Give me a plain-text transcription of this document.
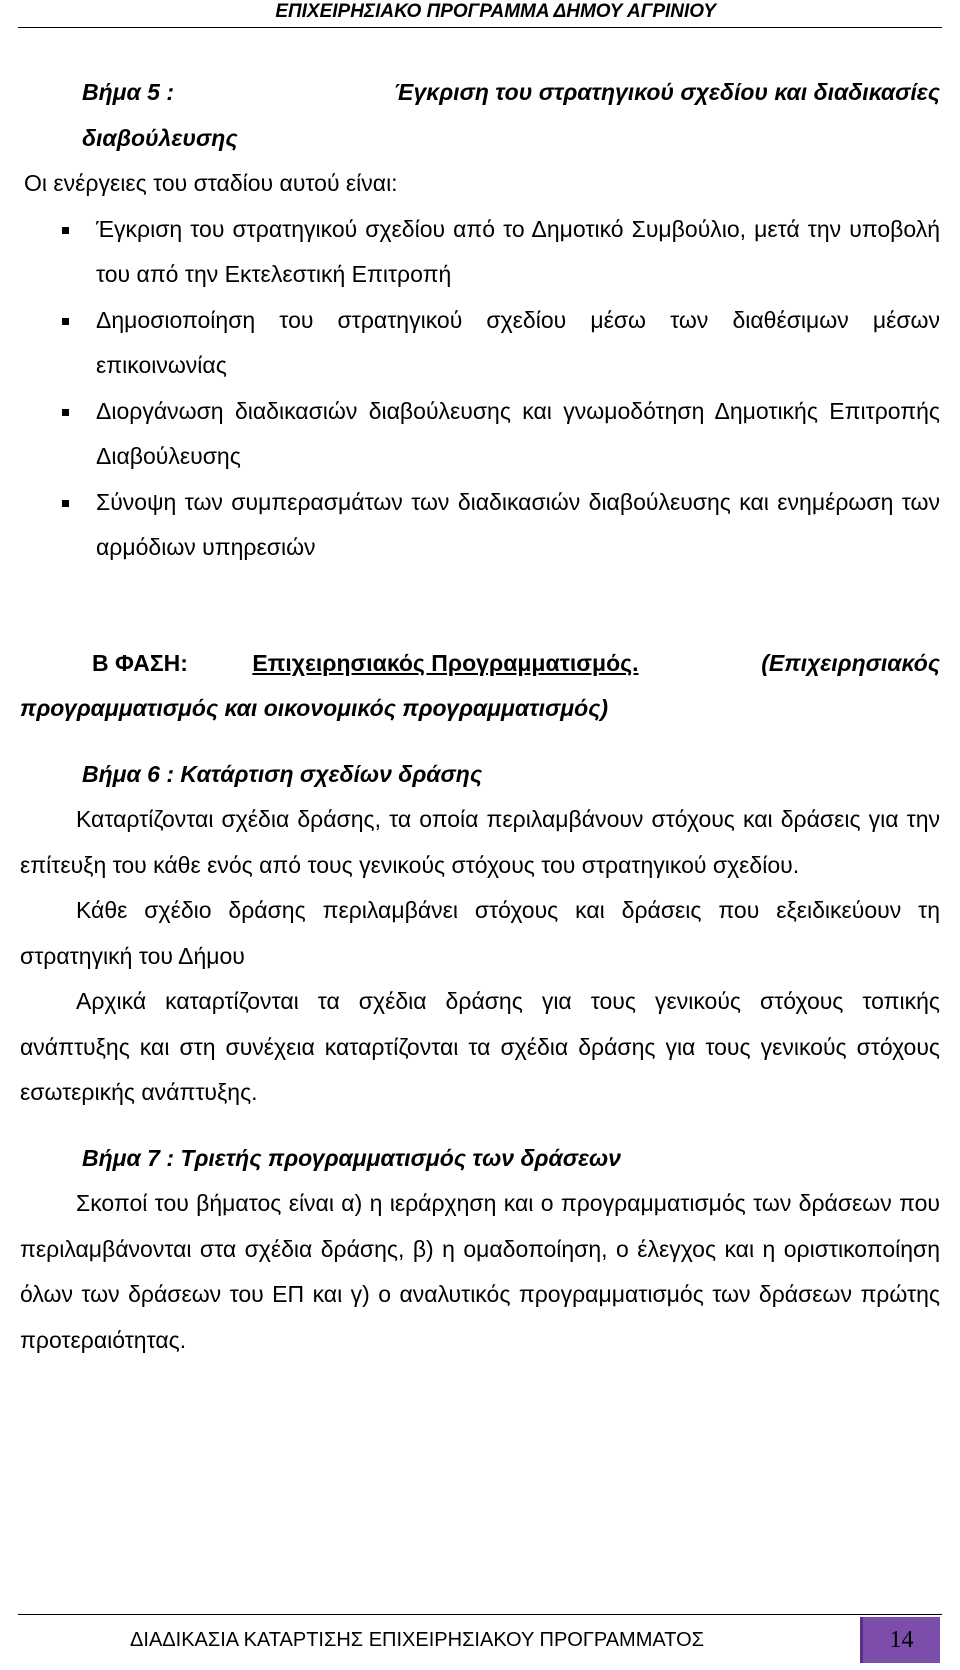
ΕΠΙΧΕΙΡΗΣΙΑΚΟ ΠΡΟΓΡΑΜΜΑ ΔΗΜΟΥ ΑΓΡΙΝΙΟΥ
Βήμα 5 :	Έγκριση του στρατηγικού σχεδίου και διαδικασίες
διαβούλευσης

Οι ενέργειες του σταδίου αυτού είναι:

Έγκριση του στρατηγικού σχεδίου από το Δημοτικό Συμβούλιο, μετά την υποβολή του από την Εκτελεστική Επιτροπή
Δημοσιοποίηση του στρατηγικού σχεδίου μέσω των διαθέσιμων μέσων επικοινωνίας
Διοργάνωση διαδικασιών διαβούλευσης και γνωμοδότηση Δημοτικής Επιτροπής Διαβούλευσης
Σύνοψη των συμπερασμάτων των διαδικασιών διαβούλευσης και ενημέρωση των αρμόδιων υπηρεσιών
Β ΦΑΣΗ:	Επιχειρησιακός Προγραμματισμός.	(Επιχειρησιακός
προγραμματισμός και οικονομικός προγραμματισμός)
Βήμα 6 : Κατάρτιση σχεδίων δράσης

Καταρτίζονται σχέδια δράσης, τα οποία περιλαμβάνουν στόχους και δράσεις για την επίτευξη του κάθε ενός από τους γενικούς στόχους του στρατηγικού σχεδίου.

Κάθε σχέδιο δράσης περιλαμβάνει στόχους και δράσεις που εξειδικεύουν τη στρατηγική του Δήμου

Αρχικά καταρτίζονται τα σχέδια δράσης για τους γενικούς στόχους τοπικής ανάπτυξης και στη συνέχεια καταρτίζονται τα σχέδια δράσης για τους γενικούς στόχους εσωτερικής ανάπτυξης.

Βήμα 7 : Τριετής προγραμματισμός των δράσεων

Σκοποί του βήματος είναι α) η ιεράρχηση και ο προγραμματισμός των δράσεων που περιλαμβάνονται στα σχέδια δράσης, β) η ομαδοποίηση, ο έλεγχος και η οριστικοποίηση όλων των δράσεων του ΕΠ και γ) ο αναλυτικός προγραμματισμός των δράσεων πρώτης προτεραιότητας.

ΔΙΑΔΙΚΑΣΙΑ ΚΑΤΑΡΤΙΣΗΣ ΕΠΙΧΕΙΡΗΣΙΑΚΟΥ ΠΡΟΓΡΑΜΜΑΤΟΣ	14
